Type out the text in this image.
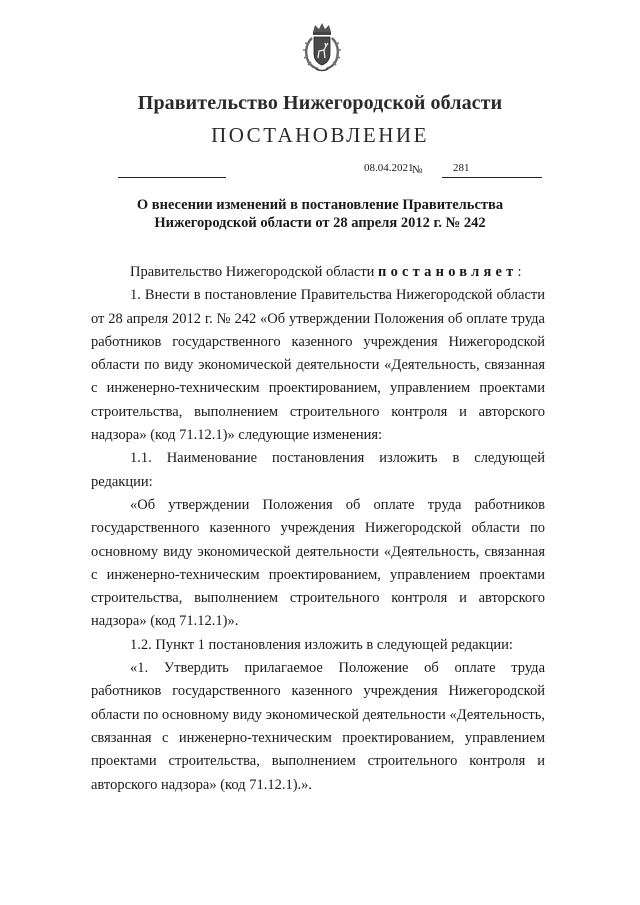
Правительство Нижегородской области
ПОСТАНОВЛЕНИЕ
08.04.2021
№	281
О внесении изменений в постановление Правительства
Нижегородской области от 28 апреля 2012 г. № 242

Правительство Нижегородской области постановляет:

1. Внести в постановление Правительства Нижегородской области от 28 апреля 2012 г. № 242 «Об утверждении Положения об оплате труда работников государственного казенного учреждения Нижегородской области по виду экономической деятельности «Деятельность, связанная с инженерно-техническим проектированием, управлением проектами строительства, выполнением строительного контроля и авторского надзора» (код 71.12.1)» следующие изменения:

1.1. Наименование постановления изложить в следующей редакции:

«Об утверждении Положения об оплате труда работников государственного казенного учреждения Нижегородской области по основному виду экономической деятельности «Деятельность, связанная с инженерно-техническим проектированием, управлением проектами строительства, выполнением строительного контроля и авторского надзора» (код 71.12.1)».

1.2. Пункт 1 постановления изложить в следующей редакции:

«1. Утвердить прилагаемое Положение об оплате труда работников государственного казенного учреждения Нижегородской области по основному виду экономической деятельности «Деятельность, связанная с инженерно-техническим проектированием, управлением проектами строительства, выполнением строительного контроля и авторского надзора» (код 71.12.1).».
